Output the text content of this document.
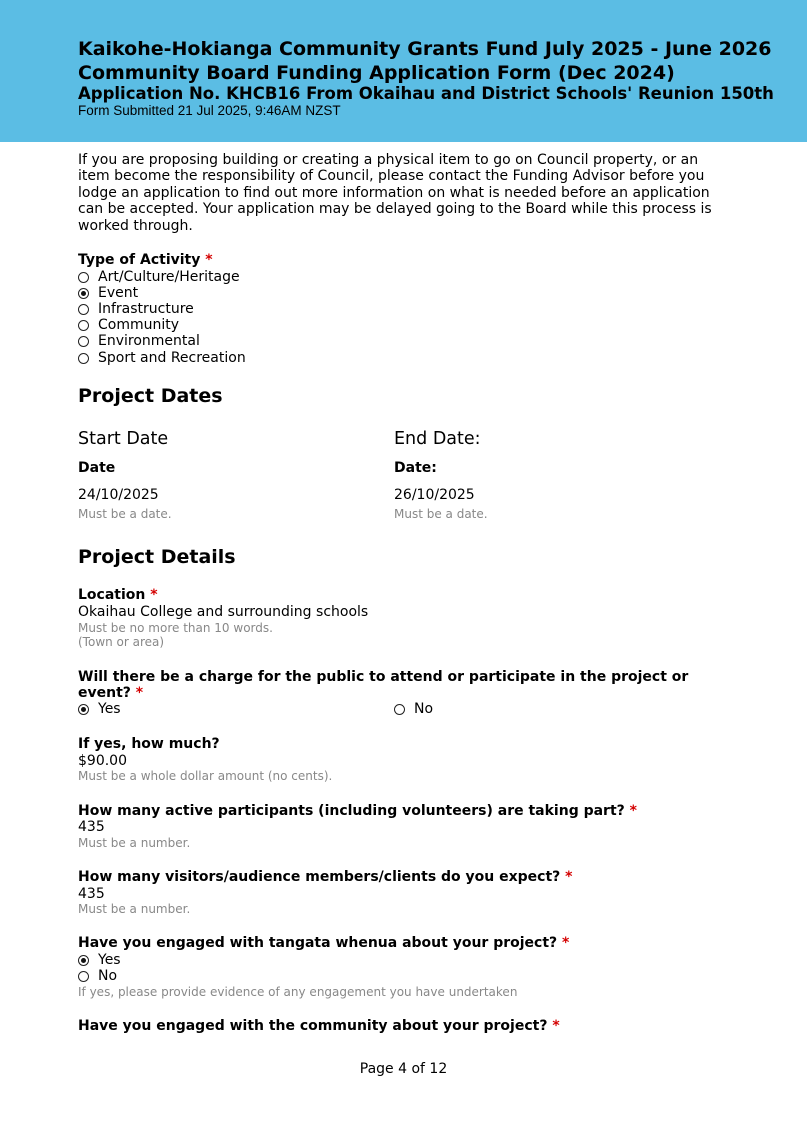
Kaikohe-Hokianga Community Grants Fund July 2025 - June 2026
Community Board Funding Application Form (Dec 2024)
Application No. KHCB16 From Okaihau and District Schools' Reunion 150th
Form Submitted 21 Jul 2025, 9:46AM NZST
If you are proposing building or creating a physical item to go on Council property, or an item become the responsibility of Council, please contact the Funding Advisor before you lodge an application to find out more information on what is needed before an application can be accepted. Your application may be delayed going to the Board while this process is worked through.
Type of Activity *
Art/Culture/Heritage
Event
Infrastructure
Community
Environmental
Sport and Recreation
Project Dates
Start Date
Date
24/10/2025
Must be a date.
End Date:
Date:
26/10/2025
Must be a date.
Project Details
Location *
Okaihau College and surrounding schools
Must be no more than 10 words.
(Town or area)
Will there be a charge for the public to attend or participate in the project or
event? *
Yes	No
If yes, how much?
$90.00
Must be a whole dollar amount (no cents).
How many active participants (including volunteers) are taking part? *
435
Must be a number.
How many visitors/audience members/clients do you expect? *
435
Must be a number.
Have you engaged with tangata whenua about your project? *
Yes
No
If yes, please provide evidence of any engagement you have undertaken
Have you engaged with the community about your project? *
Page 4 of 12
